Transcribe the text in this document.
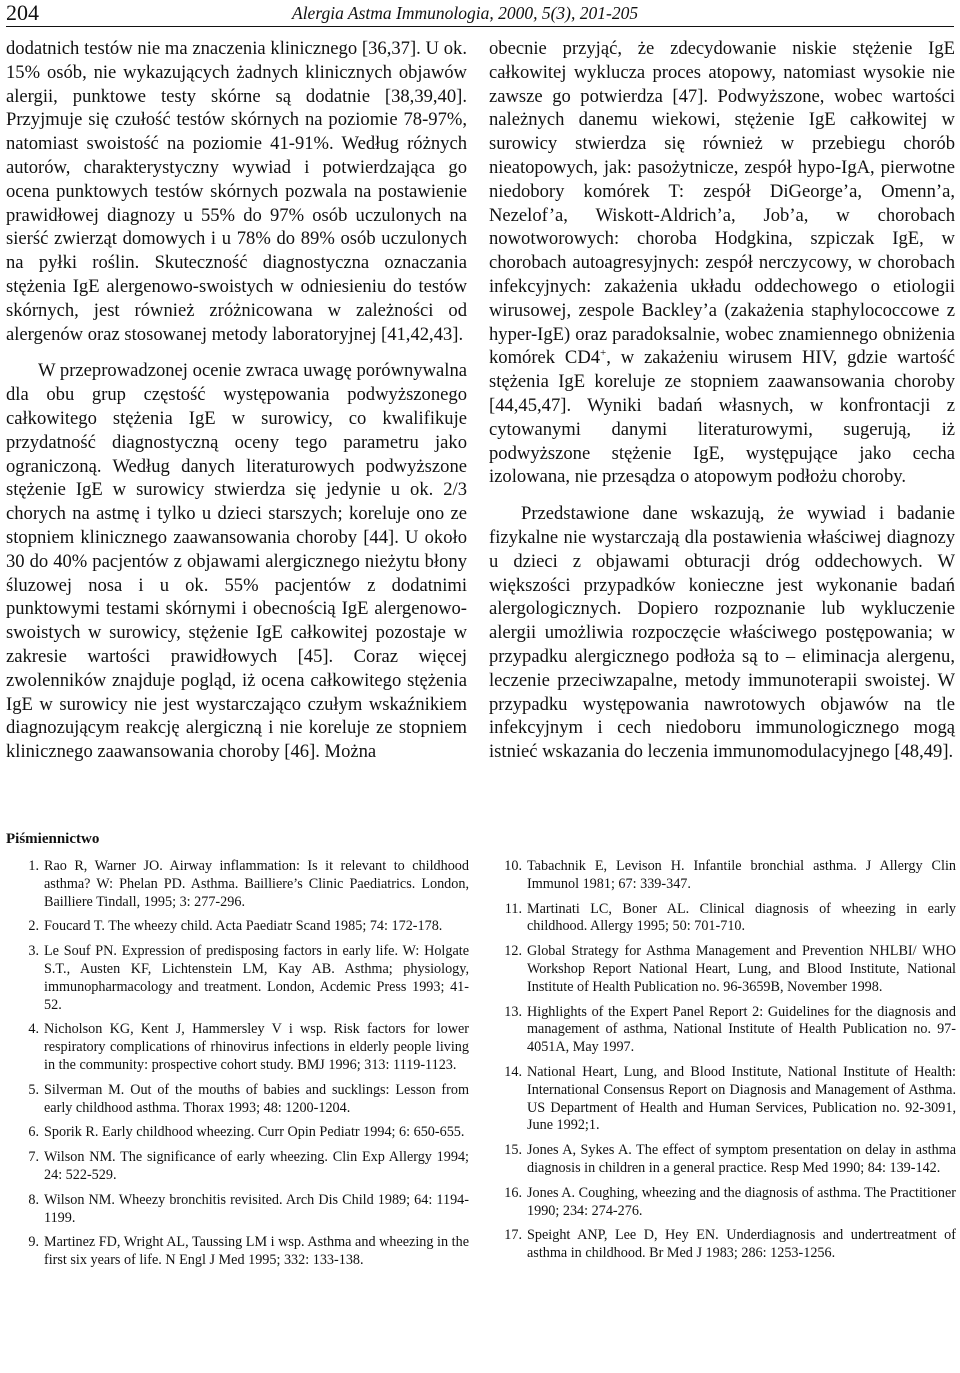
204	Alergia Astma Immunologia, 2000, 5(3), 201-205

dodatnich testów nie ma znaczenia klinicznego [36,37]. U ok. 15% osób, nie wykazujących żadnych klinicznych objawów alergii, punktowe testy skórne są dodatnie [38,39,40]. Przyjmuje się czułość testów skórnych na poziomie 78-97%, natomiast swoistość na poziomie 41-91%. Według różnych autorów, charakterystyczny wywiad i potwierdzająca go ocena punktowych testów skórnych pozwala na postawienie prawidłowej diagnozy u 55% do 97% osób uczulonych na sierść zwierząt domowych i u 78% do 89% osób uczulonych na pyłki roślin. Skuteczność diagnostyczna oznaczania stężenia IgE alergenowo-swoistych w odniesieniu do testów skórnych, jest również zróżnicowana w zależności od alergenów oraz stosowanej metody laboratoryjnej [41,42,43].

W przeprowadzonej ocenie zwraca uwagę porównywalna dla obu grup częstość występowania podwyższonego całkowitego stężenia IgE w surowicy, co kwalifikuje przydatność diagnostyczną oceny tego parametru jako ograniczoną. Według danych literaturowych podwyższone stężenie IgE w surowicy stwierdza się jedynie u ok. 2/3 chorych na astmę i tylko u dzieci starszych; koreluje ono ze stopniem klinicznego zaawansowania choroby [44]. U około 30 do 40% pacjentów z objawami alergicznego nieżytu błony śluzowej nosa i u ok. 55% pacjentów z dodatnimi punktowymi testami skórnymi i obecnością IgE alergenowo-swoistych w surowicy, stężenie IgE całkowitej pozostaje w zakresie wartości prawidłowych [45]. Coraz więcej zwolenników znajduje pogląd, iż ocena całkowitego stężenia IgE w surowicy nie jest wystarczająco czułym wskaźnikiem diagnozującym reakcję alergiczną i nie koreluje ze stopniem klinicznego zaawansowania choroby [46]. Można

obecnie przyjąć, że zdecydowanie niskie stężenie IgE całkowitej wyklucza proces atopowy, natomiast wysokie nie zawsze go potwierdza [47]. Podwyższone, wobec wartości należnych danemu wiekowi, stężenie IgE całkowitej w surowicy stwierdza się również w przebiegu chorób nieatopowych, jak: pasożytnicze, zespół hypo-IgA, pierwotne niedobory komórek T: zespół DiGeorge’a, Omenn’a, Nezelof’a, Wiskott-Aldrich’a, Job’a, w chorobach nowotworowych: choroba Hodgkina, szpiczak IgE, w chorobach autoagresyjnych: zespół nerczycowy, w chorobach infekcyjnych: zakażenia układu oddechowego o etiologii wirusowej, zespole Backley’a (zakażenia staphylococcowe z hyper-IgE) oraz paradoksalnie, wobec znamiennego obniżenia komórek CD4+, w zakażeniu wirusem HIV, gdzie wartość stężenia IgE koreluje ze stopniem zaawansowania choroby [44,45,47]. Wyniki badań własnych, w konfrontacji z cytowanymi danymi literaturowymi, sugerują, iż podwyższone stężenie IgE, występujące jako cecha izolowana, nie przesądza o atopowym podłożu choroby.

Przedstawione dane wskazują, że wywiad i badanie fizykalne nie wystarczają dla postawienia właściwej diagnozy u dzieci z objawami obturacji dróg oddechowych. W większości przypadków konieczne jest wykonanie badań alergologicznych. Dopiero rozpoznanie lub wykluczenie alergii umożliwia rozpoczęcie właściwego postępowania; w przypadku alergicznego podłoża są to – eliminacja alergenu, leczenie przeciwzapalne, metody immunoterapii swoistej. W przypadku występowania nawrotowych objawów na tle infekcyjnym i cech niedoboru immunologicznego mogą istnieć wskazania do leczenia immunomodulacyjnego [48,49].

Piśmiennictwo
1. Rao R, Warner JO. Airway inflammation: Is it relevant to childhood asthma? W: Phelan PD. Asthma. Bailliere’s Clinic Paediatrics. London, Bailliere Tindall, 1995; 3: 277-296.
2. Foucard T. The wheezy child. Acta Paediatr Scand 1985; 74: 172-178.
3. Le Souf PN. Expression of predisposing factors in early life. W: Holgate S.T., Austen KF, Lichtenstein LM, Kay AB. Asthma; physiology, immunopharmacology and treatment. London, Acdemic Press 1993; 41-52.
4. Nicholson KG, Kent J, Hammersley V i wsp. Risk factors for lower respiratory complications of rhinovirus infections in elderly people living in the community: prospective cohort study. BMJ 1996; 313: 1119-1123.
5. Silverman M. Out of the mouths of babies and sucklings: Lesson from early childhood asthma. Thorax 1993; 48: 1200-1204.
6. Sporik R. Early childhood wheezing. Curr Opin Pediatr 1994; 6: 650-655.
7. Wilson NM. The significance of early wheezing. Clin Exp Allergy 1994; 24: 522-529.
8. Wilson NM. Wheezy bronchitis revisited. Arch Dis Child 1989; 64: 1194-1199.
9. Martinez FD, Wright AL, Taussing LM i wsp. Asthma and wheezing in the first six years of life. N Engl J Med 1995; 332: 133-138.
10. Tabachnik E, Levison H. Infantile bronchial asthma. J Allergy Clin Immunol 1981; 67: 339-347.
11. Martinati LC, Boner AL. Clinical diagnosis of wheezing in early childhood. Allergy 1995; 50: 701-710.
12. Global Strategy for Asthma Management and Prevention NHLBI/ WHO Workshop Report National Heart, Lung, and Blood Institute, National Institute of Health Publication no. 96-3659B, November 1998.
13. Highlights of the Expert Panel Report 2: Guidelines for the diagnosis and management of asthma, National Institute of Health Publication no. 97-4051A, May 1997.
14. National Heart, Lung, and Blood Institute, National Institute of Health: International Consensus Report on Diagnosis and Management of Asthma. US Department of Health and Human Services, Publication no. 92-3091, June 1992;1.
15. Jones A, Sykes A. The effect of symptom presentation on delay in asthma diagnosis in children in a general practice. Resp Med 1990; 84: 139-142.
16. Jones A. Coughing, wheezing and the diagnosis of asthma. The Practitioner 1990; 234: 274-276.
17. Speight ANP, Lee D, Hey EN. Underdiagnosis and undertreatment of asthma in childhood. Br Med J 1983; 286: 1253-1256.
